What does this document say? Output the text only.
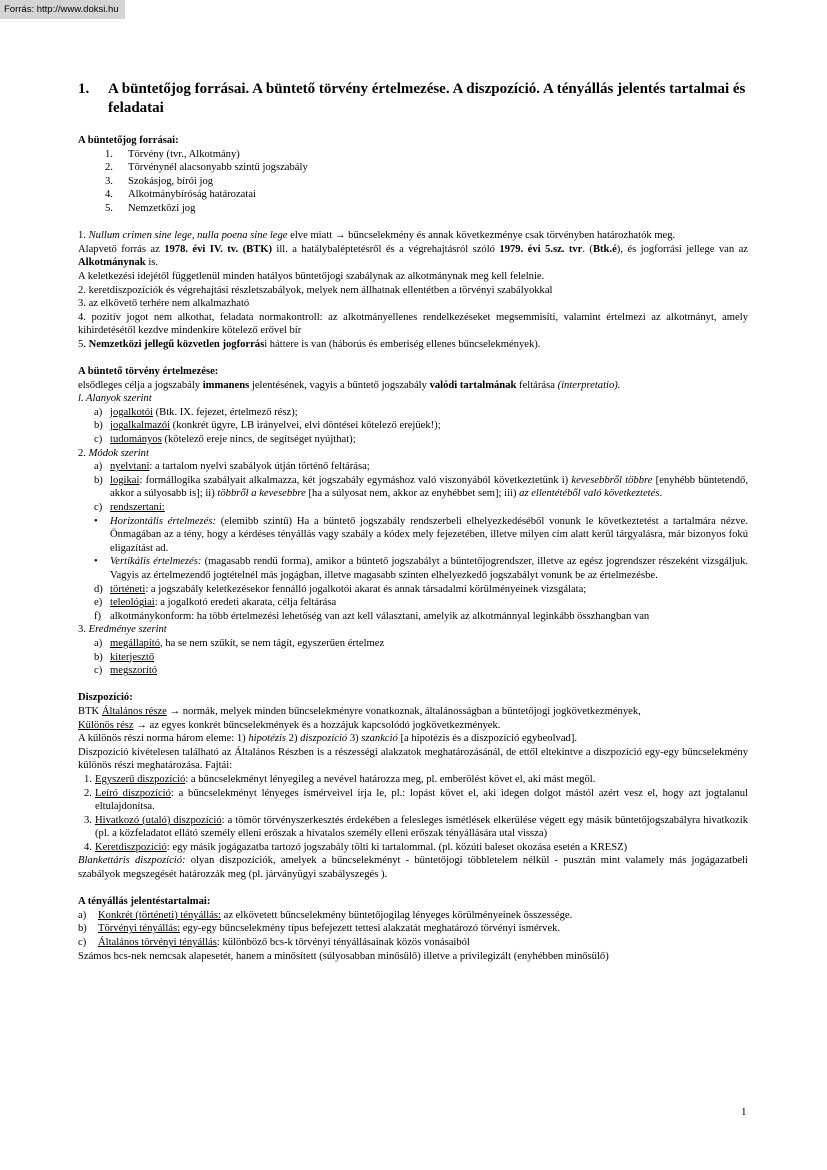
Forrás: http://www.doksi.hu
1.	A büntetőjog forrásai. A büntető törvény értelmezése. A diszpozíció. A tényállás jelentés tartalmai és feladatai
A büntetőjog forrásai:
1. Törvény (tvr., Alkotmány)
2. Törvénynél alacsonyabb szintű jogszabály
3. Szokásjog, bírói jog
4. Alkotmánybíróság határozatai
5. Nemzetközi jog

1. Nullum crimen sine lege, nulla poena sine lege elve miatt → bűncselekmény és annak következménye csak törvényben határozhatók meg.

Alapvető forrás az 1978. évi IV. tv. (BTK) ill. a hatálybaléptetésről és a végrehajtásról szóló 1979. évi 5.sz. tvr. (Btk.é), és jogforrási jellege van az Alkotmánynak is.

A keletkezési idejétől függetlenül minden hatályos büntetőjogi szabálynak az alkotmánynak meg kell felelnie.

2. keretdiszpozíciók és végrehajtási részletszabályok, melyek nem állhatnak ellentétben a törvényi szabályokkal

3. az elkövető terhére nem alkalmazható

4. pozitív jogot nem alkothat, feladata normakontroll: az alkotmányellenes rendelkezéseket megsemmisíti, valamint értelmezi az alkotmányt, amely kihirdetésétől kezdve mindenkire kötelező erővel bír

5. Nemzetközi jellegű közvetlen jogforrási háttere is van (háborús és emberiség ellenes bűncselekmények).

A büntető törvény értelmezése:

elsődleges célja a jogszabály immanens jelentésének, vagyis a büntető jogszabály valódi tartalmának feltárása (interpretatio).

l. Alanyok szerint

a) jogalkotói (Btk. IX. fejezet, értelmező rész);
b) jogalkalmazói (konkrét ügyre, LB irányelvei, elvi döntései kötelező erejűek!);
c) tudományos (kötelező ereje nincs, de segítséget nyújthat);

2. Módok szerint

a) nyelvtani: a tartalom nyelvi szabályok útján történő feltárása;
b) logikai: formállogika szabályait alkalmazza, két jogszabály egymáshoz való viszonyából következtetünk i) kevesebbről többre [enyhébb büntetendő, akkor a súlyosabb is]; ii) többről a kevesebbre [ha a súlyosat nem, akkor az enyhébbet sem]; iii) az ellentétéből való következtetés.
c) rendszertani:
• Horizontális értelmezés: (elemibb szintű) Ha a büntető jogszabály rendszerbeli elhelyezkedéséből vonunk le következtetést a tartalmára nézve. Önmagában az a tény, hogy a kérdéses tényállás vagy szabály a kódex mely fejezetében, illetve milyen cím alatt kerül tárgyalásra, már bizonyos fokú eligazítást ad.
• Vertikális értelmezés: (magasabb rendű forma), amikor a büntető jogszabályt a büntetőjogrendszer, illetve az egész jogrendszer részeként vizsgáljuk. Vagyis az értelmezendő jogtételnél más jogágban, illetve magasabb szinten elhelyezkedő jogszabályt vonunk be az értelmezésbe.
d) történeti: a jogszabály keletkezésekor fennálló jogalkotói akarat és annak társadalmi körülményeinek vizsgálata;
e) teleológiai: a jogalkotó eredeti akarata, célja feltárása
f) alkotmánykonform: ha több értelmezési lehetőség van azt kell választani, amelyik az alkotmánnyal leginkább összhangban van

3. Eredménye szerint

a) megállapító, ha se nem szűkít, se nem tágít, egyszerűen értelmez
b) kiterjesztő
c) megszorító
Diszpozíció:

BTK Általános része → normák, melyek minden bűncselekményre vonatkoznak, általánosságban a büntetőjogi jogkövetkezmények,

Különös rész → az egyes konkrét bűncselekmények és a hozzájuk kapcsolódó jogkövetkezmények.

A különös részi norma három eleme: 1) hipotézis 2) diszpozíció 3) szankció [a hipotézis és a diszpozíció egybeolvad].

Diszpozíció kivételesen található az Általános Részben is a részességi alakzatok meghatározásánál, de ettől eltekintve a diszpozíció egy-egy bűncselekmény különös részi meghatározása. Fajtái:

1. Egyszerű diszpozíció: a bűncselekményt lényegileg a nevével határozza meg, pl. emberölést követ el, aki mást megöl.
2. Leíró diszpozíció: a bűncselekményt lényeges ismérveivel írja le, pl.: lopást követ el, aki idegen dolgot mástól azért vesz el, hogy azt jogtalanul eltulajdonítsa.
3. Hivatkozó (utaló) diszpozíció: a tömör törvényszerkesztés érdekében a felesleges ismétlések elkerülése végett egy másik büntetőjogszabályra hivatkozik (pl. a közfeladatot ellátó személy elleni erőszak a hivatalos személy elleni erőszak tényállására utal vissza)
4. Keretdiszpozíció: egy másik jogágazatba tartozó jogszabály tölti ki tartalommal. (pl. közúti baleset okozása esetén a KRESZ)

Blankettáris diszpozíció: olyan diszpozíciók, amelyek a bűncselekményt - büntetőjogi többletelem nélkül - pusztán mint valamely más jogágazatbeli szabályok megszegését határozzák meg (pl. járványügyi szabályszegés ).

A tényállás jelentéstartalmai:
a) Konkrét (történeti) tényállás: az elkövetett bűncselekmény büntetőjogilag lényeges körülményeinek összessége.
b) Törvényi tényállás: egy-egy bűncselekmény típus befejezett tettesi alakzatát meghatározó törvényi ismérvek.
c) Általános törvényi tényállás: különböző bcs-k törvényi tényállásainak közös vonásaiból

Számos bcs-nek nemcsak alapesetét, hanem a minősített (súlyosabban minősülő) illetve a privilegizált (enyhébben minősülő)

1
